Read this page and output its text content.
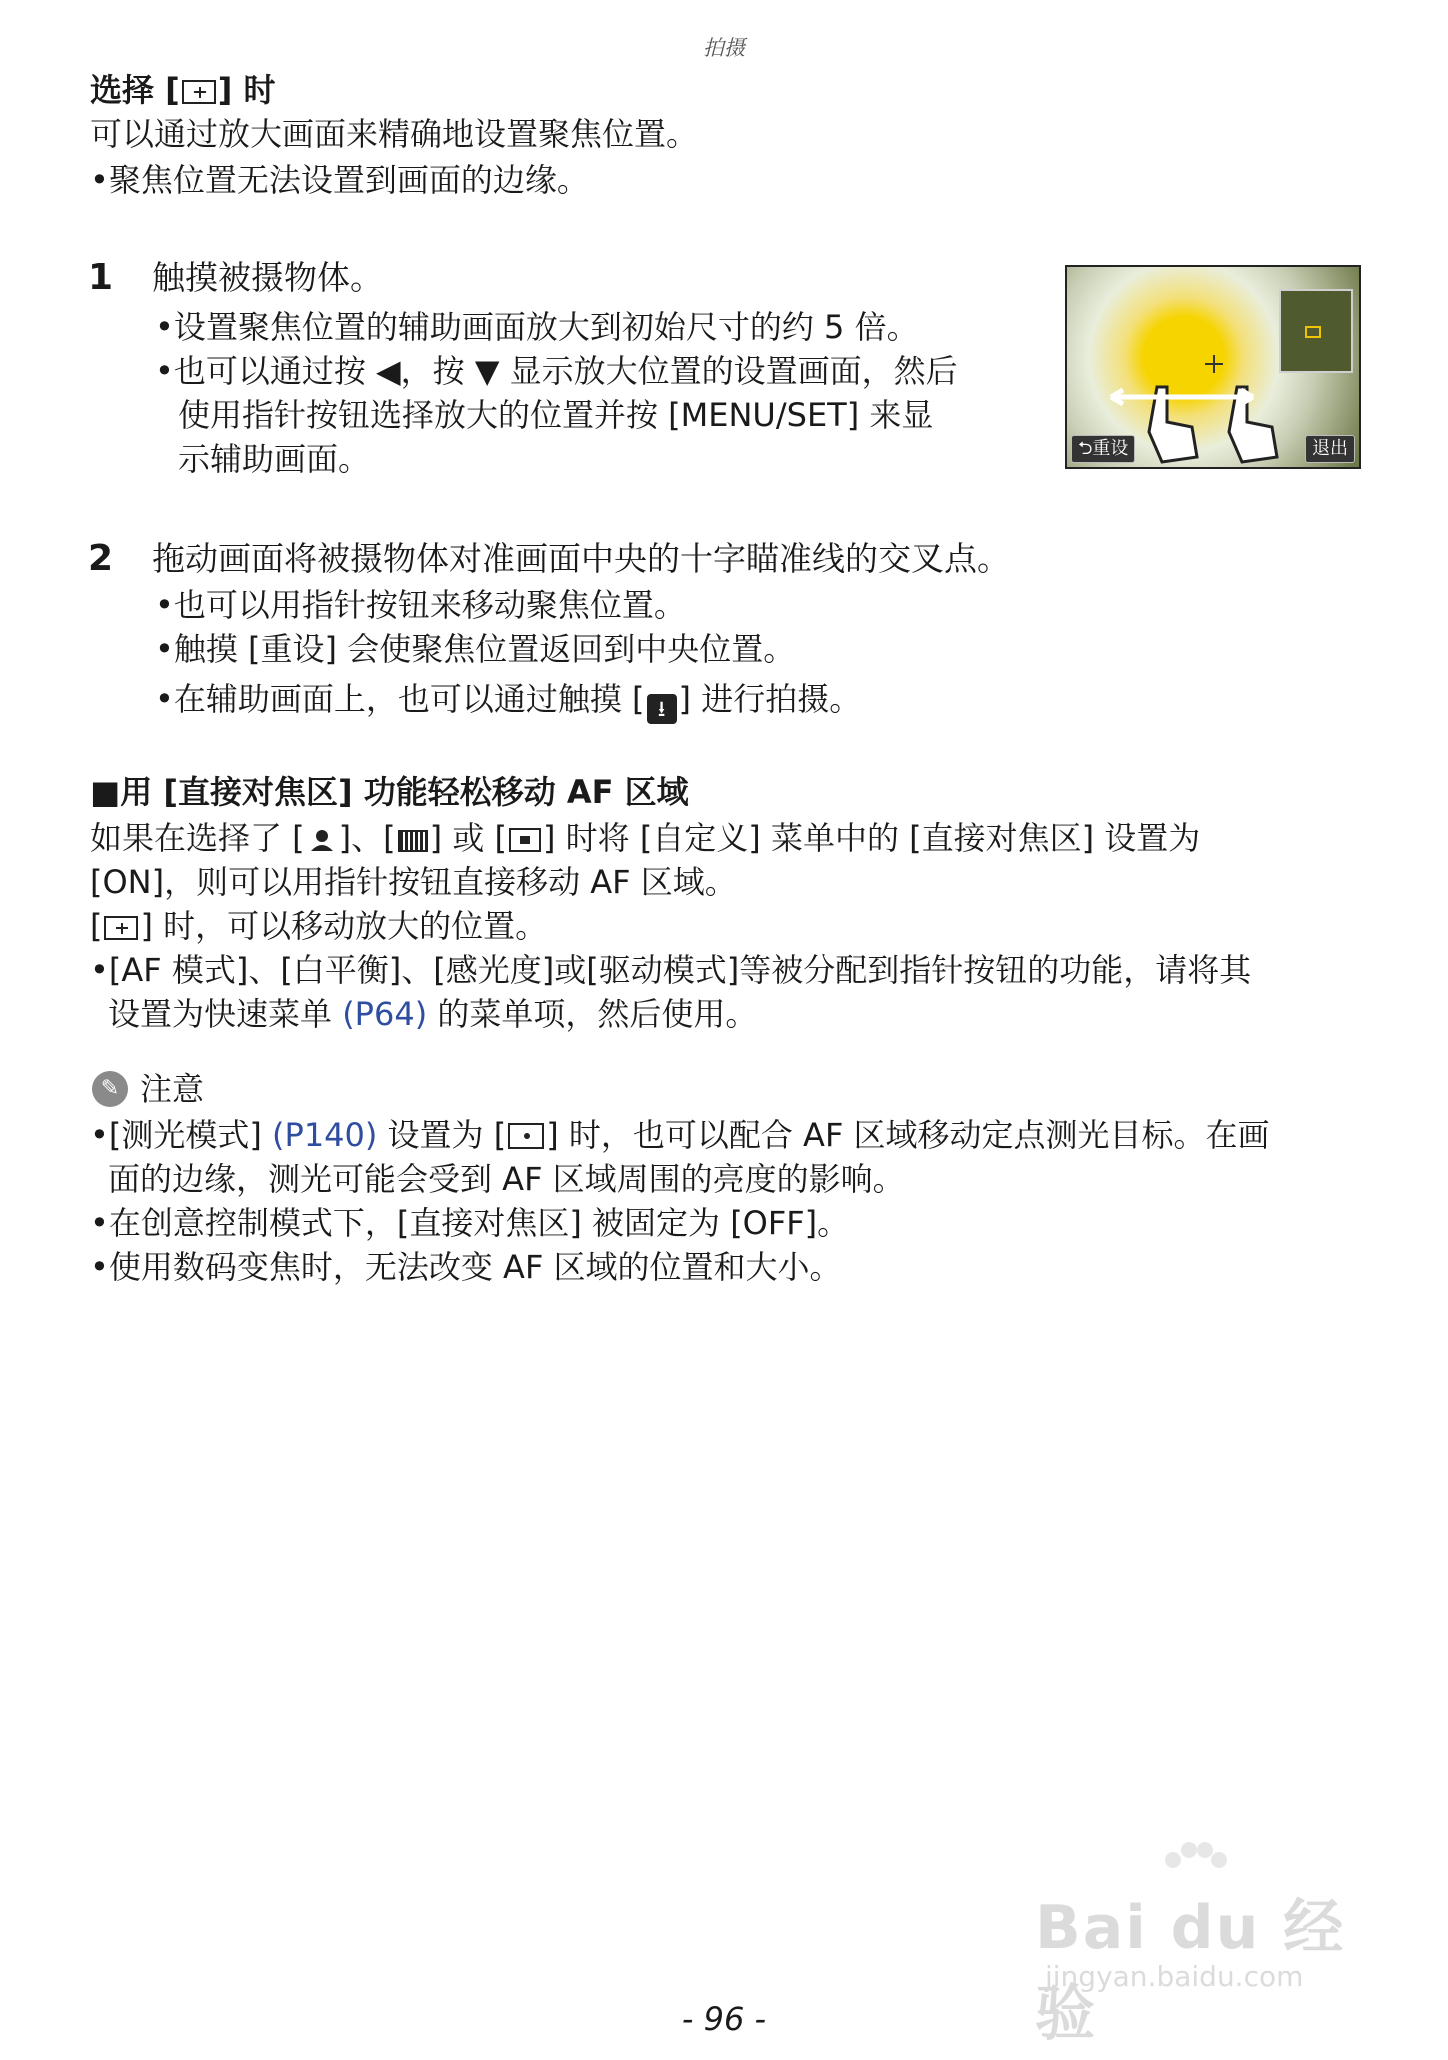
拍摄
选择 [ ] 时
可以通过放大画面来精确地设置聚焦位置。
•聚焦位置无法设置到画面的边缘。
1 触摸被摄物体。
•设置聚焦位置的辅助画面放大到初始尺寸的约 5 倍。
•也可以通过按 ◀，按 ▼ 显示放大位置的设置画面，然后
使用指针按钮选择放大的位置并按 [MENU/SET] 来显
示辅助画面。	⮌重设	退出
2 拖动画面将被摄物体对准画面中央的十字瞄准线的交叉点。
•也可以用指针按钮来移动聚焦位置。
•触摸 [重设] 会使聚焦位置返回到中央位置。
•在辅助画面上，也可以通过触摸 [ ⭳ ] 进行拍摄。
■用 [直接对焦区] 功能轻松移动 AF 区域
如果在选择了 [ ]、[ ] 或 [ ] 时将 [自定义] 菜单中的 [直接对焦区] 设置为
[ON]，则可以用指针按钮直接移动 AF 区域。
[ ] 时，可以移动放大的位置。
•[AF 模式]、[白平衡]、[感光度]或[驱动模式]等被分配到指针按钮的功能，请将其
设置为快速菜单 (P64) 的菜单项，然后使用。
✎ 注意
•[测光模式] (P140) 设置为 [ ] 时，也可以配合 AF 区域移动定点测光目标。在画
面的边缘，测光可能会受到 AF 区域周围的亮度的影响。
•在创意控制模式下，[直接对焦区] 被固定为 [OFF]。
•使用数码变焦时，无法改变 AF 区域的位置和大小。
Bai du 经验
jingyan.baidu.com
- 96 -
